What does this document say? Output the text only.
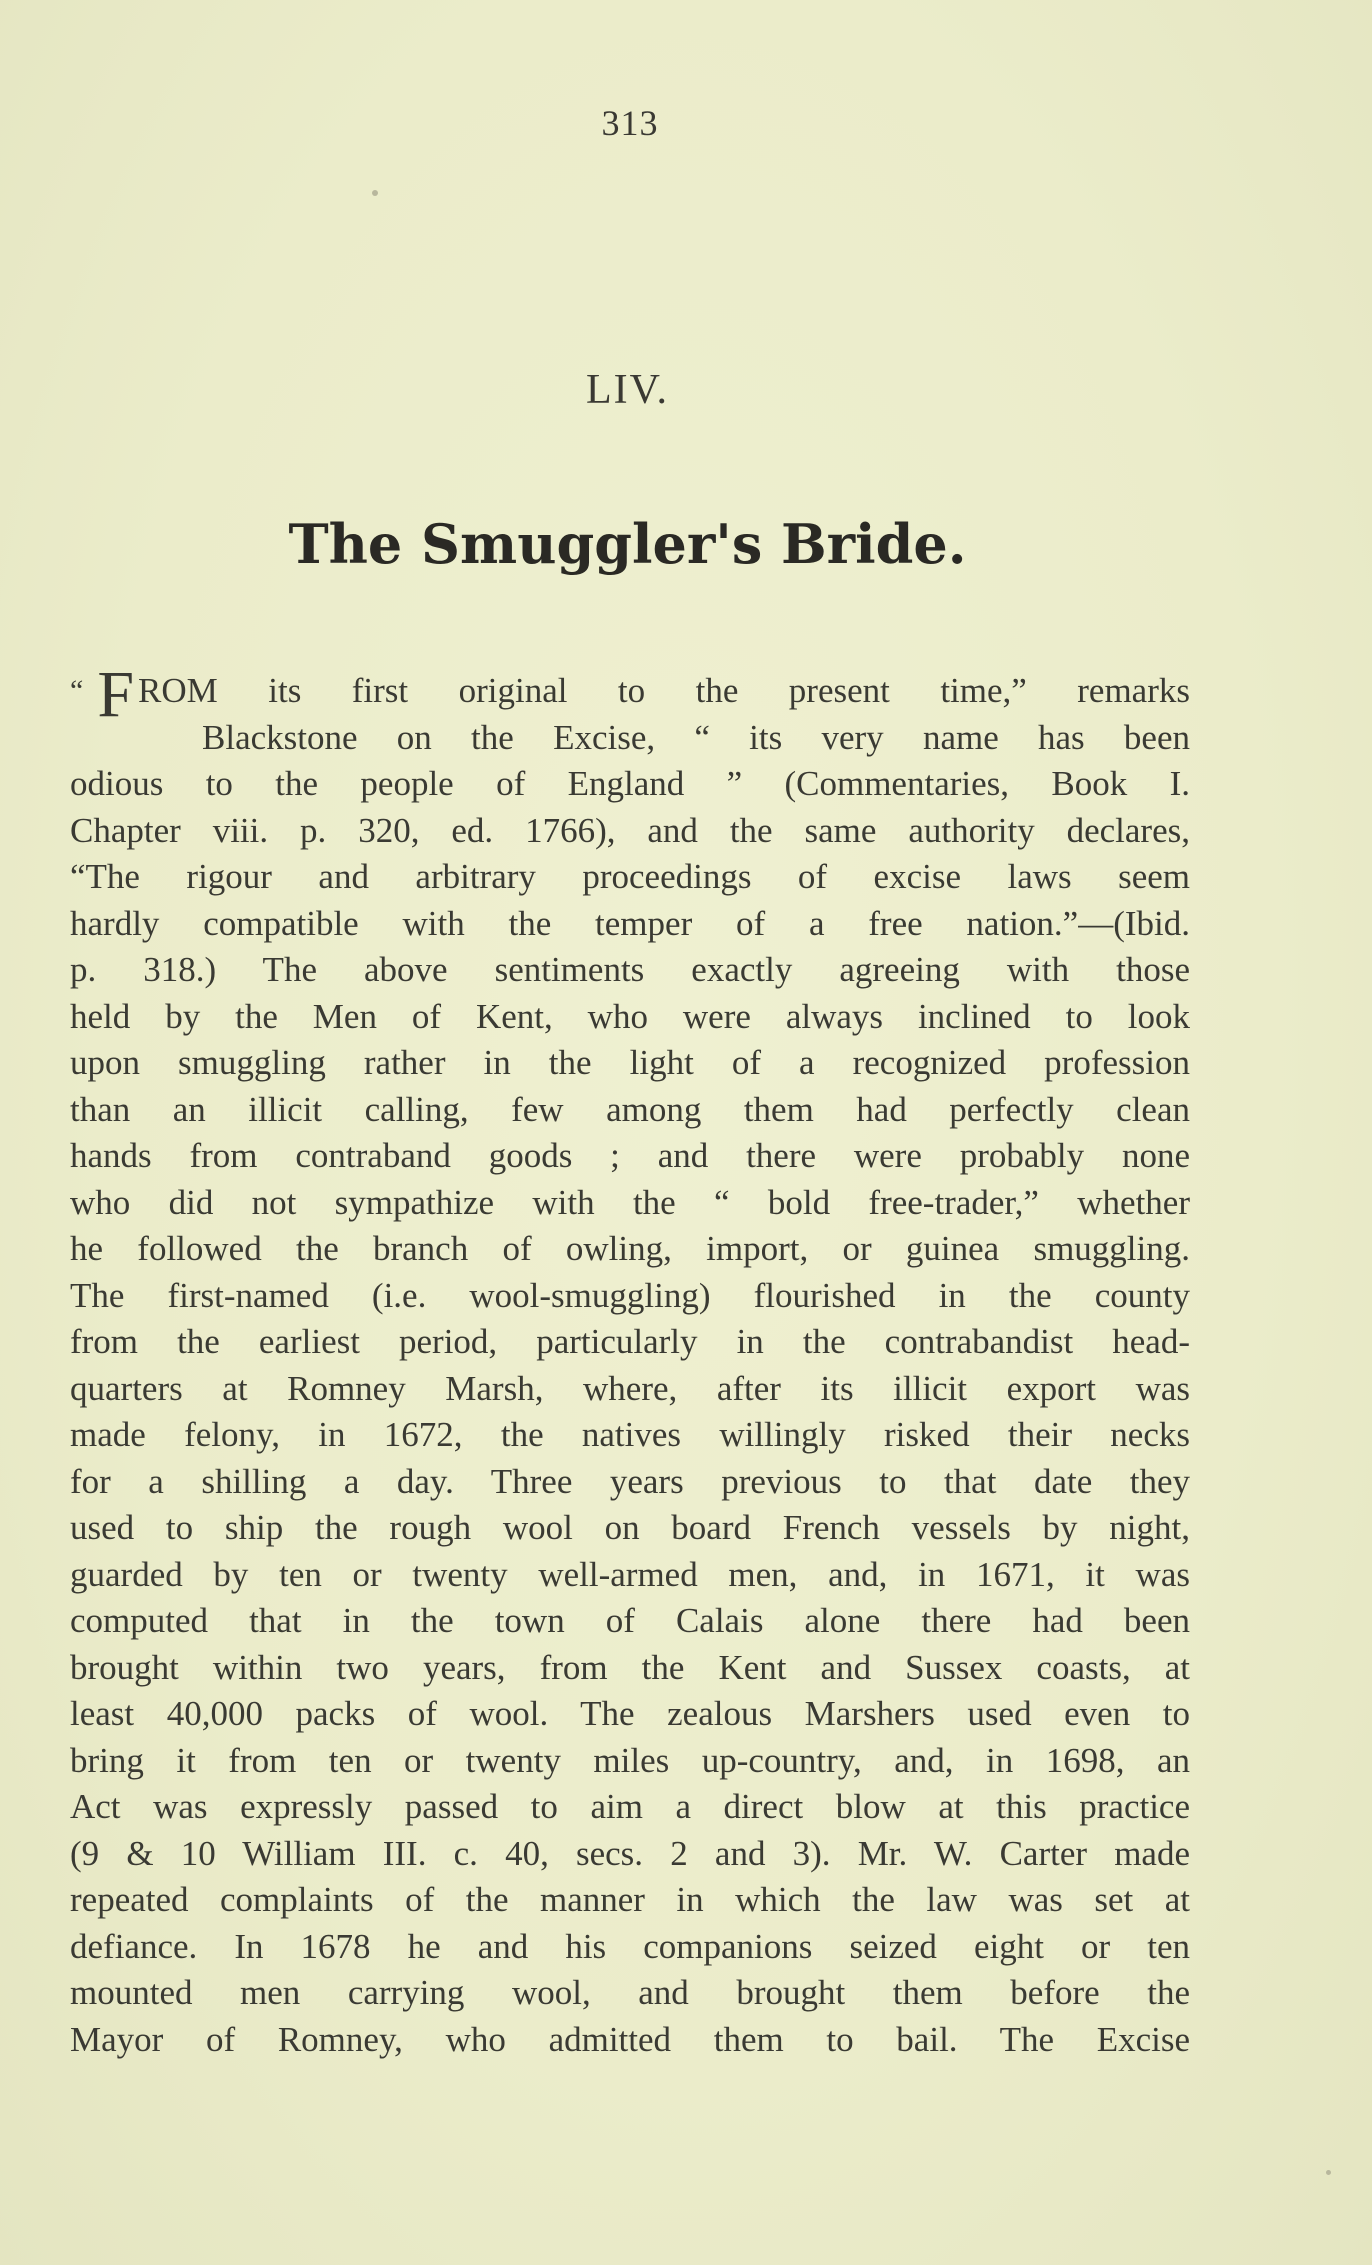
313
LIV.
The Smuggler's Bride.
“ F ROM its first original to the present time,” remarks
Blackstone on the Excise, “ its very name has been
odious to the people of England ” (Commentaries, Book I.
Chapter viii. p. 320, ed. 1766), and the same authority declares,
“The rigour and arbitrary proceedings of excise laws seem
hardly compatible with the temper of a free nation.”—(Ibid.
p. 318.) The above sentiments exactly agreeing with those
held by the Men of Kent, who were always inclined to look
upon smuggling rather in the light of a recognized profession
than an illicit calling, few among them had perfectly clean
hands from contraband goods ; and there were probably none
who did not sympathize with the “ bold free-trader,” whether
he followed the branch of owling, import, or guinea smuggling.
The first-named (i.e. wool-smuggling) flourished in the county
from the earliest period, particularly in the contrabandist head-
quarters at Romney Marsh, where, after its illicit export was
made felony, in 1672, the natives willingly risked their necks
for a shilling a day. Three years previous to that date they
used to ship the rough wool on board French vessels by night,
guarded by ten or twenty well-armed men, and, in 1671, it was
computed that in the town of Calais alone there had been
brought within two years, from the Kent and Sussex coasts, at
least 40,000 packs of wool. The zealous Marshers used even to
bring it from ten or twenty miles up-country, and, in 1698, an
Act was expressly passed to aim a direct blow at this practice
(9 & 10 William III. c. 40, secs. 2 and 3). Mr. W. Carter made
repeated complaints of the manner in which the law was set at
defiance. In 1678 he and his companions seized eight or ten
mounted men carrying wool, and brought them before the
Mayor of Romney, who admitted them to bail. The Excise
